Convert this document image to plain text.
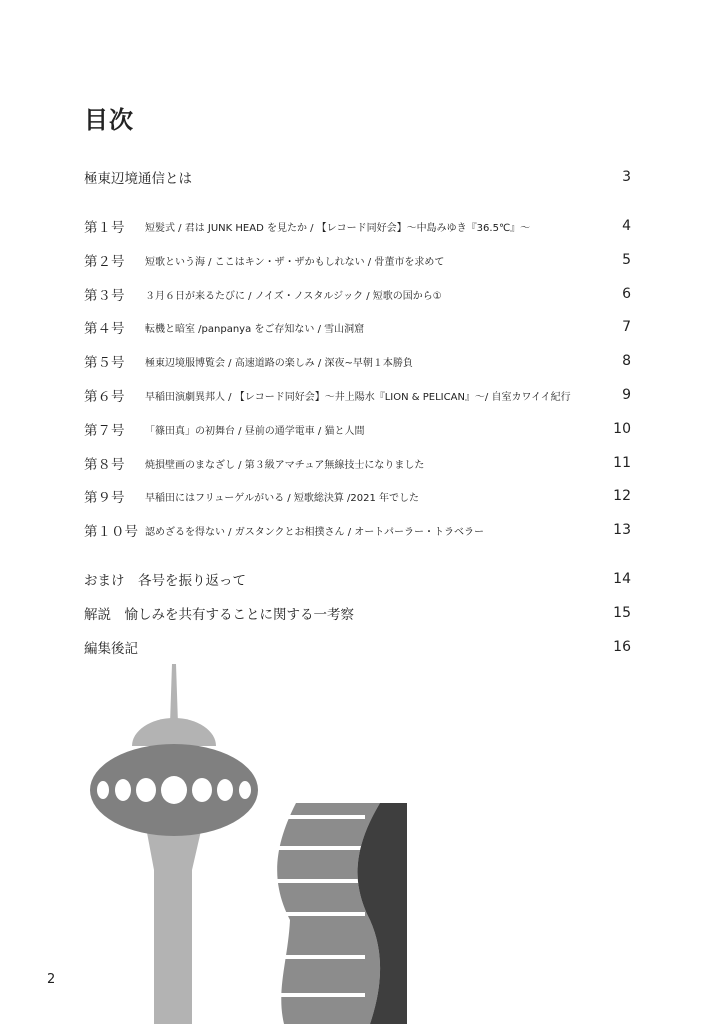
目次
極東辺境通信とは	3
第１号	短髪式 / 君は JUNK HEAD を見たか / 【レコード同好会】～中島みゆき『36.5℃』～	4
第２号	短歌という海 / ここはキン・ザ・ザかもしれない / 骨董市を求めて	5
第３号	３月６日が来るたびに / ノイズ・ノスタルジック / 短歌の国から①	6
第４号	転機と暗室 /panpanya をご存知ない / 雪山洞窟	7
第５号	極東辺境服博覧会 / 高速道路の楽しみ / 深夜~早朝１本勝負	8
第６号	早稲田演劇異邦人 / 【レコード同好会】～井上陽水『LION & PELICAN』～/ 自室カワイイ紀行	9
第７号	「篠田真」の初舞台 / 昼前の通学電車 / 猫と人間	10
第８号	焼損壁画のまなざし / 第３級アマチュア無線技士になりました	11
第９号	早稲田にはフリューゲルがいる / 短歌総決算 /2021 年でした	12
第１０号 認めざるを得ない / ガスタンクとお相撲さん / オートパーラー・トラベラー	13
おまけ　各号を振り返って	14
解説　愉しみを共有することに関する一考察	15
編集後記	16
2
